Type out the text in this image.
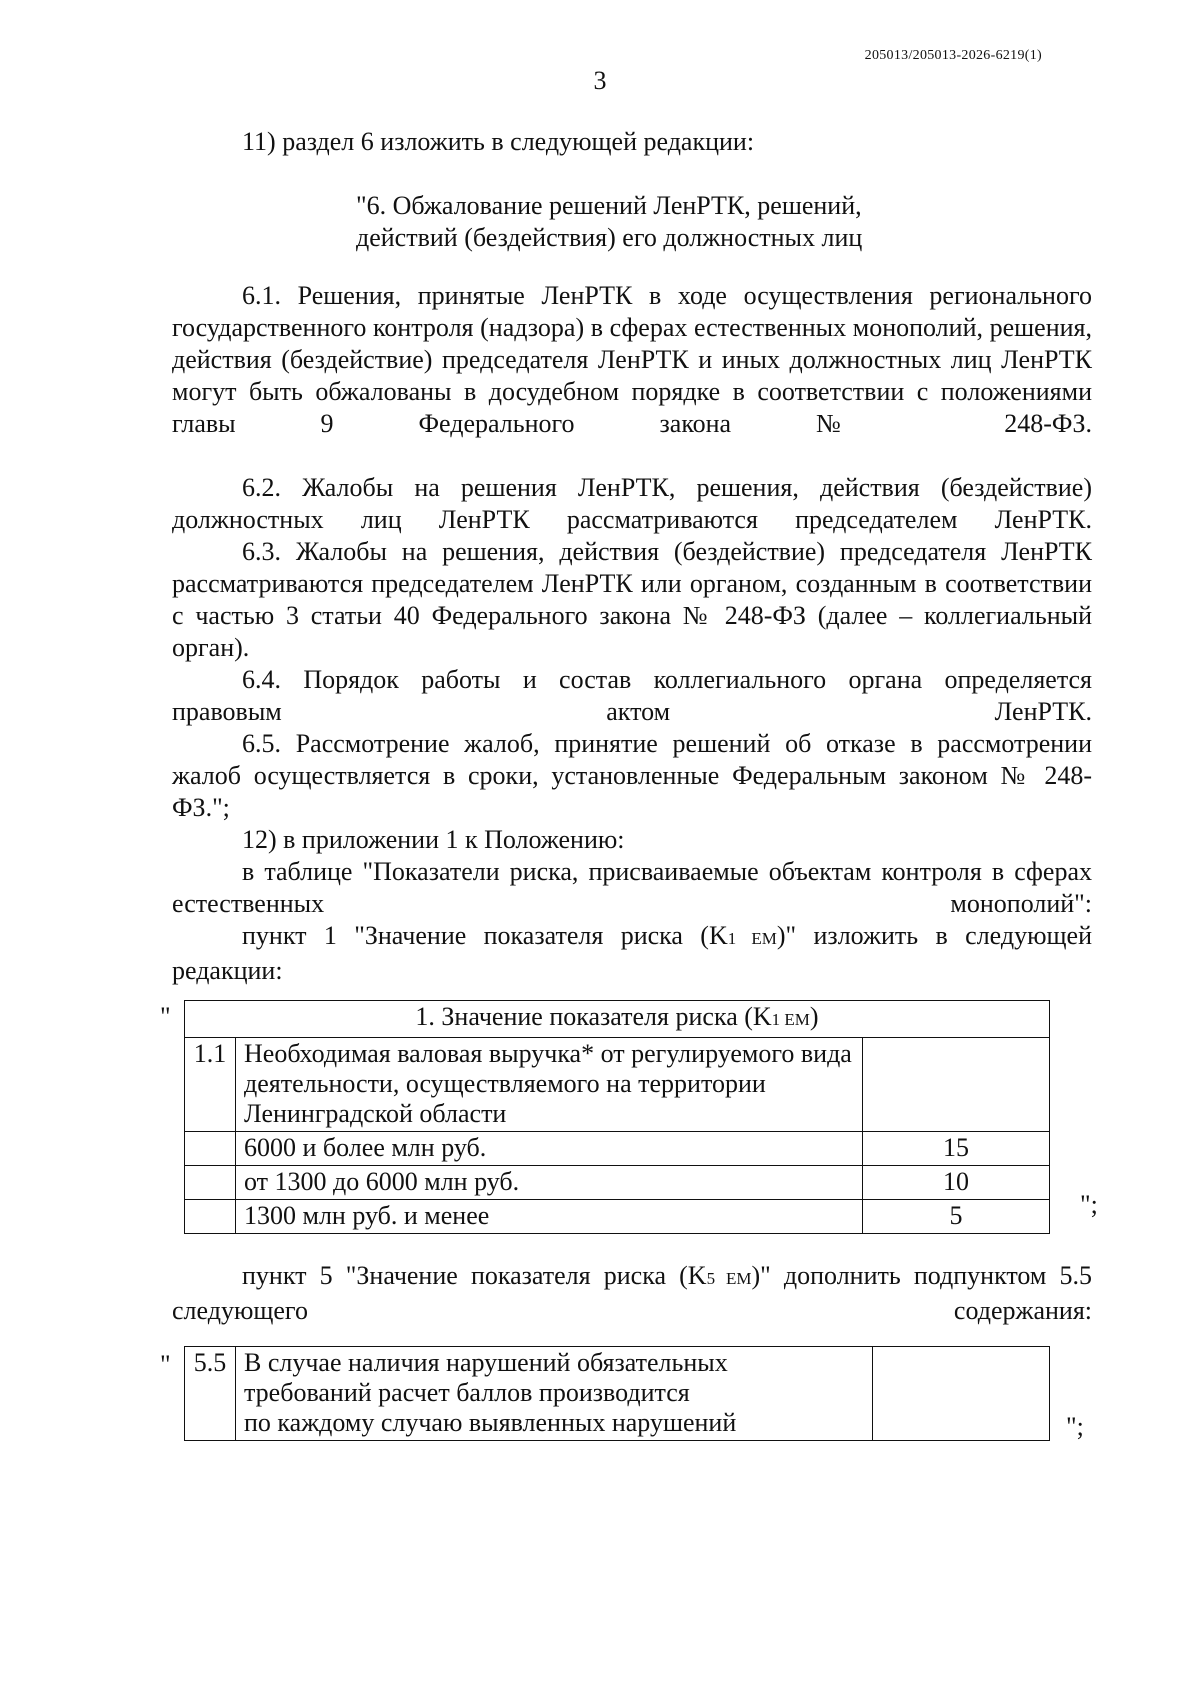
205013/205013-2026-6219(1)
3

11) раздел 6 изложить в следующей редакции:

"6. Обжалование решений ЛенРТК, решений,
действий (бездействия) его должностных лиц

6.1. Решения, принятые ЛенРТК в ходе осуществления регионального государственного контроля (надзора) в сферах естественных монополий, решения, действия (бездействие) председателя ЛенРТК и иных должностных лиц ЛенРТК могут быть обжалованы в досудебном порядке в соответствии с положениями главы 9 Федерального закона № 248-ФЗ.

6.2. Жалобы на решения ЛенРТК, решения, действия (бездействие) должностных лиц ЛенРТК рассматриваются председателем ЛенРТК.

6.3. Жалобы на решения, действия (бездействие) председателя ЛенРТК рассматриваются председателем ЛенРТК или органом, созданным в соответствии с частью 3 статьи 40 Федерального закона № 248-ФЗ (далее – коллегиальный орган).

6.4. Порядок работы и состав коллегиального органа определяется правовым актом ЛенРТК.

6.5. Рассмотрение жалоб, принятие решений об отказе в рассмотрении жалоб осуществляется в сроки, установленные Федеральным законом № 248-ФЗ.";

12) в приложении 1 к Положению:

в таблице "Показатели риска, присваиваемые объектам контроля в сферах естественных монополий":

пункт 1 "Значение показателя риска (K1 ЕМ)" изложить в следующей редакции:

"	1. Значение показателя риска (K1 ЕМ)		
1.1	Необходимая валовая выручка* от регулируемого вида деятельности, осуществляемого на территории Ленинградской области	
	6000 и более млн руб.	15
	от 1300 до 6000 млн руб.	10
	1300 млн руб. и менее	5	";

пункт 5 "Значение показателя риска (K5 ЕМ)" дополнить подпунктом 5.5 следующего содержания:

" 5.5	В случае наличия нарушений обязательных
требований расчет баллов производится
по каждому случаю выявленных нарушений
		";
